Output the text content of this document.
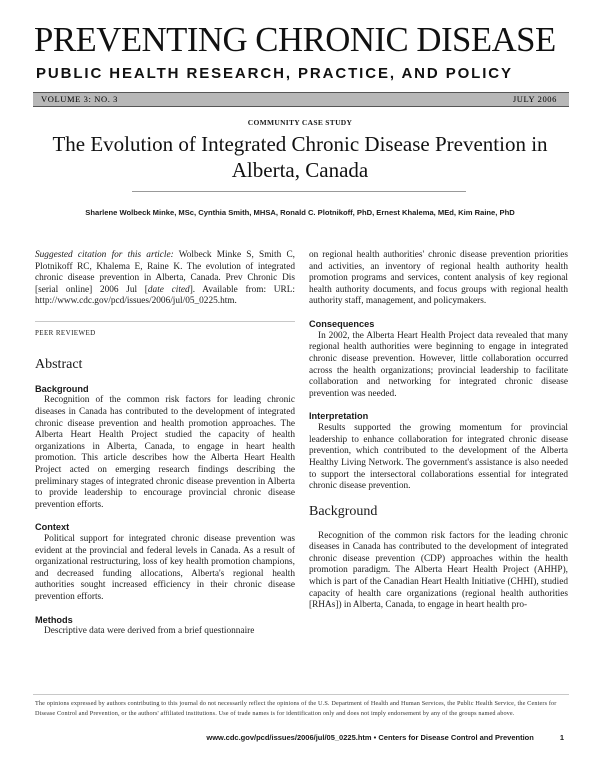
PREVENTING CHRONIC DISEASE
PUBLIC HEALTH RESEARCH, PRACTICE, AND POLICY
VOLUME 3: NO. 3	JULY 2006
COMMUNITY CASE STUDY
The Evolution of Integrated Chronic Disease Prevention in Alberta, Canada
Sharlene Wolbeck Minke, MSc, Cynthia Smith, MHSA, Ronald C. Plotnikoff, PhD, Ernest Khalema, MEd, Kim Raine, PhD
Suggested citation for this article: Wolbeck Minke S, Smith C, Plotnikoff RC, Khalema E, Raine K. The evolution of integrated chronic disease prevention in Alberta, Canada. Prev Chronic Dis [serial online] 2006 Jul [date cited]. Available from: URL: http://www.cdc.gov/pcd/issues/2006/jul/05_0225.htm.
PEER REVIEWED
Abstract
Background

Recognition of the common risk factors for leading chronic diseases in Canada has contributed to the development of integrated chronic disease prevention and health promotion approaches. The Alberta Heart Health Project studied the capacity of health organizations in Alberta, Canada, to engage in heart health promotion. This article describes how the Alberta Heart Health Project acted on emerging research findings describing the preliminary stages of integrated chronic disease prevention in Alberta to provide leadership to encourage provincial chronic disease prevention efforts.

Context

Political support for integrated chronic disease prevention was evident at the provincial and federal levels in Canada. As a result of organizational restructuring, loss of key health promotion champions, and decreased funding allocations, Alberta's regional health authorities sought increased efficiency in their chronic disease prevention efforts.

Methods

Descriptive data were derived from a brief questionnaire

on regional health authorities' chronic disease prevention priorities and activities, an inventory of regional health authority health promotion programs and services, content analysis of key regional health authority documents, and focus groups with regional health authority staff, management, and policymakers.

Consequences

In 2002, the Alberta Heart Health Project data revealed that many regional health authorities were beginning to engage in integrated chronic disease prevention. However, little collaboration occurred across the health organizations; provincial leadership to facilitate collaboration and networking for integrated chronic disease prevention was needed.

Interpretation

Results supported the growing momentum for provincial leadership to enhance collaboration for integrated chronic disease prevention, which contributed to the development of the Alberta Healthy Living Network. The government's assistance is also needed to support the intersectoral collaborations essential for integrated chronic disease prevention.

Background

Recognition of the common risk factors for the leading chronic diseases in Canada has contributed to the development of integrated chronic disease prevention (CDP) approaches within the health promotion paradigm. The Alberta Heart Health Project (AHHP), which is part of the Canadian Heart Health Initiative (CHHI), studied capacity of health care organizations (regional health authorities [RHAs]) in Alberta, Canada, to engage in heart health pro-

The opinions expressed by authors contributing to this journal do not necessarily reflect the opinions of the U.S. Department of Health and Human Services, the Public Health Service, the Centers for Disease Control and Prevention, or the authors' affiliated institutions. Use of trade names is for identification only and does not imply endorsement by any of the groups named above.
www.cdc.gov/pcd/issues/2006/jul/05_0225.htm • Centers for Disease Control and Prevention	1
